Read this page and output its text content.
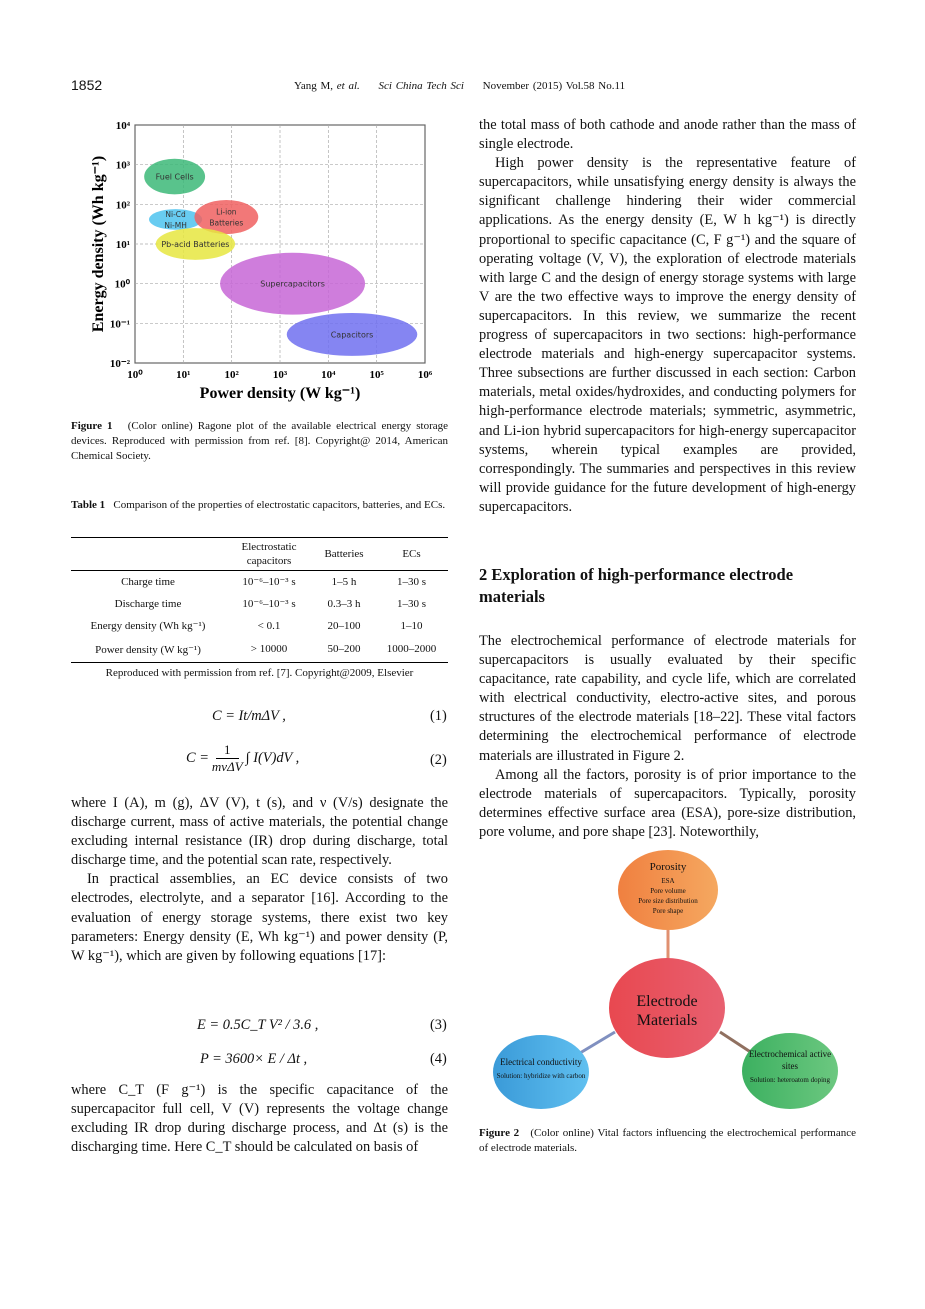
1852	Yang M, et al. Sci China Tech Sci November (2015) Vol.58 No.11
10⁰	10¹	10²	10³	10⁴	10⁵	10⁶
10⁴
10³
10²
10¹
10⁰
10⁻¹
10⁻²
Fuel Cells
Ni-Cd
Ni-MH
Li-ion
Batteries
Pb-acid Batteries
Supercapacitors
Capacitors
Power density (W kg⁻¹)
Energy density (Wh kg⁻¹)
Figure 1 (Color online) Ragone plot of the available electrical energy storage devices. Reproduced with permission from ref. [8]. Copyright@ 2014, American Chemical Society.
Table 1 Comparison of the properties of electrostatic capacitors, batteries, and ECs.
	Electrostatic capacitors	Batteries	ECs
Charge time	10⁻⁶–10⁻³ s	1–5 h	1–30 s
Discharge time	10⁻⁶–10⁻³ s	0.3–3 h	1–30 s
Energy density (Wh kg⁻¹)	< 0.1	20–100	1–10
Power density (W kg⁻¹)	> 10000	50–200	1000–2000
Reproduced with permission from ref. [7]. Copyright@2009, Elsevier
C = It/mΔV ,	(1)
C =
1
mνΔV
∫ I(V)dV ,	(2)
E = 0.5C_T V² / 3.6 ,	(3)
P = 3600× E / Δt ,	(4)

where I (A), m (g), ΔV (V), t (s), and ν (V/s) designate the discharge current, mass of active materials, the potential change excluding internal resistance (IR) drop during discharge, total discharge time, and the potential scan rate, respectively.

In practical assemblies, an EC device consists of two electrodes, electrolyte, and a separator [16]. According to the evaluation of energy storage systems, there exist two key parameters: Energy density (E, Wh kg⁻¹) and power density (P, W kg⁻¹), which are given by following equations [17]:

where C_T (F g⁻¹) is the specific capacitance of the supercapacitor full cell, V (V) represents the voltage change excluding IR drop during discharge process, and Δt (s) is the discharging time. Here C_T should be calculated on basis of

the total mass of both cathode and anode rather than the mass of single electrode.

High power density is the representative feature of supercapacitors, while unsatisfying energy density is always the significant challenge hindering their wider commercial applications. As the energy density (E, W h kg⁻¹) is directly proportional to specific capacitance (C, F g⁻¹) and the square of operating voltage (V, V), the exploration of electrode materials with large C and the design of energy storage systems with large V are the two effective ways to improve the energy density of supercapacitors. In this review, we summarize the recent progress of supercapacitors in two sections: high-performance electrode materials and high-energy supercapacitor systems. Three subsections are further discussed in each section: Carbon materials, metal oxides/hydroxides, and conducting polymers for high-performance electrode materials; symmetric, asymmetric, and Li-ion hybrid supercapacitors for high-energy supercapacitor systems, wherein typical examples are provided, correspondingly. The summaries and perspectives in this review will provide guidance for the future development of high-energy supercapacitors.

2 Exploration of high-performance electrode materials

The electrochemical performance of electrode materials for supercapacitors is usually evaluated by their specific capacitance, rate capability, and cycle life, which are correlated with electrical conductivity, electro-active sites, and porous structures of the electrode materials [18–22]. These vital factors determining the electrochemical performance of electrode materials are illustrated in Figure 2.

Among all the factors, porosity is of prior importance to the electrode materials of supercapacitors. Typically, porosity determines effective surface area (ESA), pore-size distribution, pore volume, and pore shape [23]. Noteworthily,

Porosity
ESA
Pore volume
Pore size distribution
Pore shape
Electrode
Materials
Electrical conductivity
Solution: hybridize with carbon
Electrochemical active sites
Solution: heteroatom doping
Figure 2 (Color online) Vital factors influencing the electrochemical performance of electrode materials.
